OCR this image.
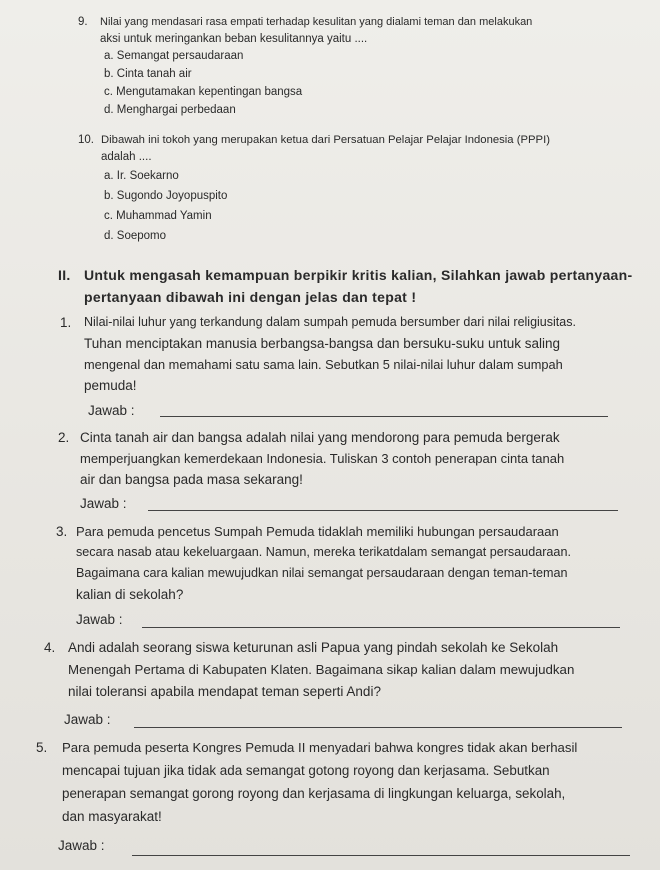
9. Nilai yang mendasari rasa empati terhadap kesulitan yang dialami teman dan melakukan
aksi untuk meringankan beban kesulitannya yaitu ....
a. Semangat persaudaraan
b. Cinta tanah air
c. Mengutamakan kepentingan bangsa
d. Menghargai perbedaan
10. Dibawah ini tokoh yang merupakan ketua dari Persatuan Pelajar Pelajar Indonesia (PPPI)
adalah ....
a. Ir. Soekarno
b. Sugondo Joyopuspito
c. Muhammad Yamin
d. Soepomo
II. Untuk mengasah kemampuan berpikir kritis kalian, Silahkan jawab pertanyaan-
pertanyaan dibawah ini dengan jelas dan tepat !
1. Nilai-nilai luhur yang terkandung dalam sumpah pemuda bersumber dari nilai religiusitas.
Tuhan menciptakan manusia berbangsa-bangsa dan bersuku-suku untuk saling
mengenal dan memahami satu sama lain. Sebutkan 5 nilai-nilai luhur dalam sumpah
pemuda!
Jawab :
2. Cinta tanah air dan bangsa adalah nilai yang mendorong para pemuda bergerak
memperjuangkan kemerdekaan Indonesia. Tuliskan 3 contoh penerapan cinta tanah
air dan bangsa pada masa sekarang!
Jawab :
3. Para pemuda pencetus Sumpah Pemuda tidaklah memiliki hubungan persaudaraan
secara nasab atau kekeluargaan. Namun, mereka terikatdalam semangat persaudaraan.
Bagaimana cara kalian mewujudkan nilai semangat persaudaraan dengan teman-teman
kalian di sekolah?
Jawab :
4. Andi adalah seorang siswa keturunan asli Papua yang pindah sekolah ke Sekolah
Menengah Pertama di Kabupaten Klaten. Bagaimana sikap kalian dalam mewujudkan
nilai toleransi apabila mendapat teman seperti Andi?
Jawab :
5. Para pemuda peserta Kongres Pemuda II menyadari bahwa kongres tidak akan berhasil
mencapai tujuan jika tidak ada semangat gotong royong dan kerjasama. Sebutkan
penerapan semangat gorong royong dan kerjasama di lingkungan keluarga, sekolah,
dan masyarakat!
Jawab :
